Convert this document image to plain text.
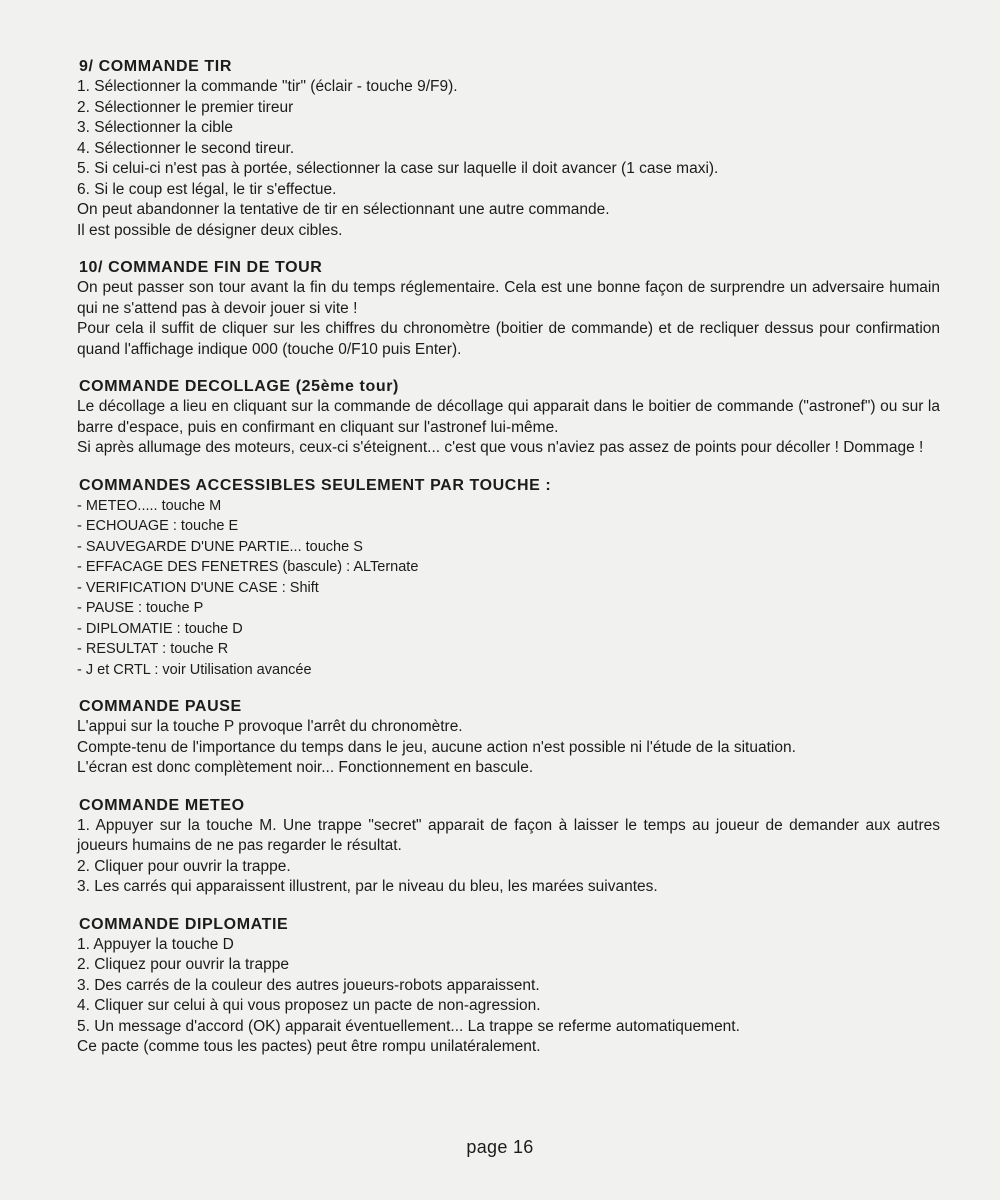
9/ COMMANDE TIR
1. Sélectionner la commande "tir" (éclair - touche 9/F9).
2. Sélectionner le premier tireur
3. Sélectionner la cible
4. Sélectionner le second tireur.
5. Si celui-ci n'est pas à portée, sélectionner la case sur laquelle il doit avancer (1 case maxi).
6. Si le coup est légal, le tir s'effectue.
On peut abandonner la tentative de tir en sélectionnant une autre commande.
Il est possible de désigner deux cibles.
10/ COMMANDE FIN DE TOUR
On peut passer son tour avant la fin du temps réglementaire. Cela est une bonne façon de surprendre un adversaire humain qui ne s'attend pas à devoir jouer si vite !
Pour cela il suffit de cliquer sur les chiffres du chronomètre (boitier de commande) et de recliquer dessus pour confirmation quand l'affichage indique 000 (touche 0/F10 puis Enter).
COMMANDE DECOLLAGE (25ème tour)
Le décollage a lieu en cliquant sur la commande de décollage qui apparait dans le boitier de commande ("astronef") ou sur la barre d'espace, puis en confirmant en cliquant sur l'astronef lui-même.
Si après allumage des moteurs, ceux-ci s'éteignent... c'est que vous n'aviez pas assez de points pour décoller ! Dommage !
COMMANDES ACCESSIBLES SEULEMENT PAR TOUCHE :
- METEO..... touche M
- ECHOUAGE : touche E
- SAUVEGARDE D'UNE PARTIE... touche S
- EFFACAGE DES FENETRES (bascule) : ALTernate
- VERIFICATION D'UNE CASE : Shift
- PAUSE : touche P
- DIPLOMATIE : touche D
- RESULTAT : touche R
- J et CRTL : voir Utilisation avancée
COMMANDE PAUSE
L'appui sur la touche P provoque l'arrêt du chronomètre.
Compte-tenu de l'importance du temps dans le jeu, aucune action n'est possible ni l'étude de la situation.
L'écran est donc complètement noir... Fonctionnement en bascule.
COMMANDE METEO
1. Appuyer sur la touche M. Une trappe "secret" apparait de façon à laisser le temps au joueur de demander aux autres joueurs humains de ne pas regarder le résultat.
2. Cliquer pour ouvrir la trappe.
3. Les carrés qui apparaissent illustrent, par le niveau du bleu, les marées suivantes.
COMMANDE DIPLOMATIE
1. Appuyer la touche D
2. Cliquez pour ouvrir la trappe
3. Des carrés de la couleur des autres joueurs-robots apparaissent.
4. Cliquer sur celui à qui vous proposez un pacte de non-agression.
5. Un message d'accord (OK) apparait éventuellement... La trappe se referme automatiquement.
Ce pacte (comme tous les pactes) peut être rompu unilatéralement.
page 16
